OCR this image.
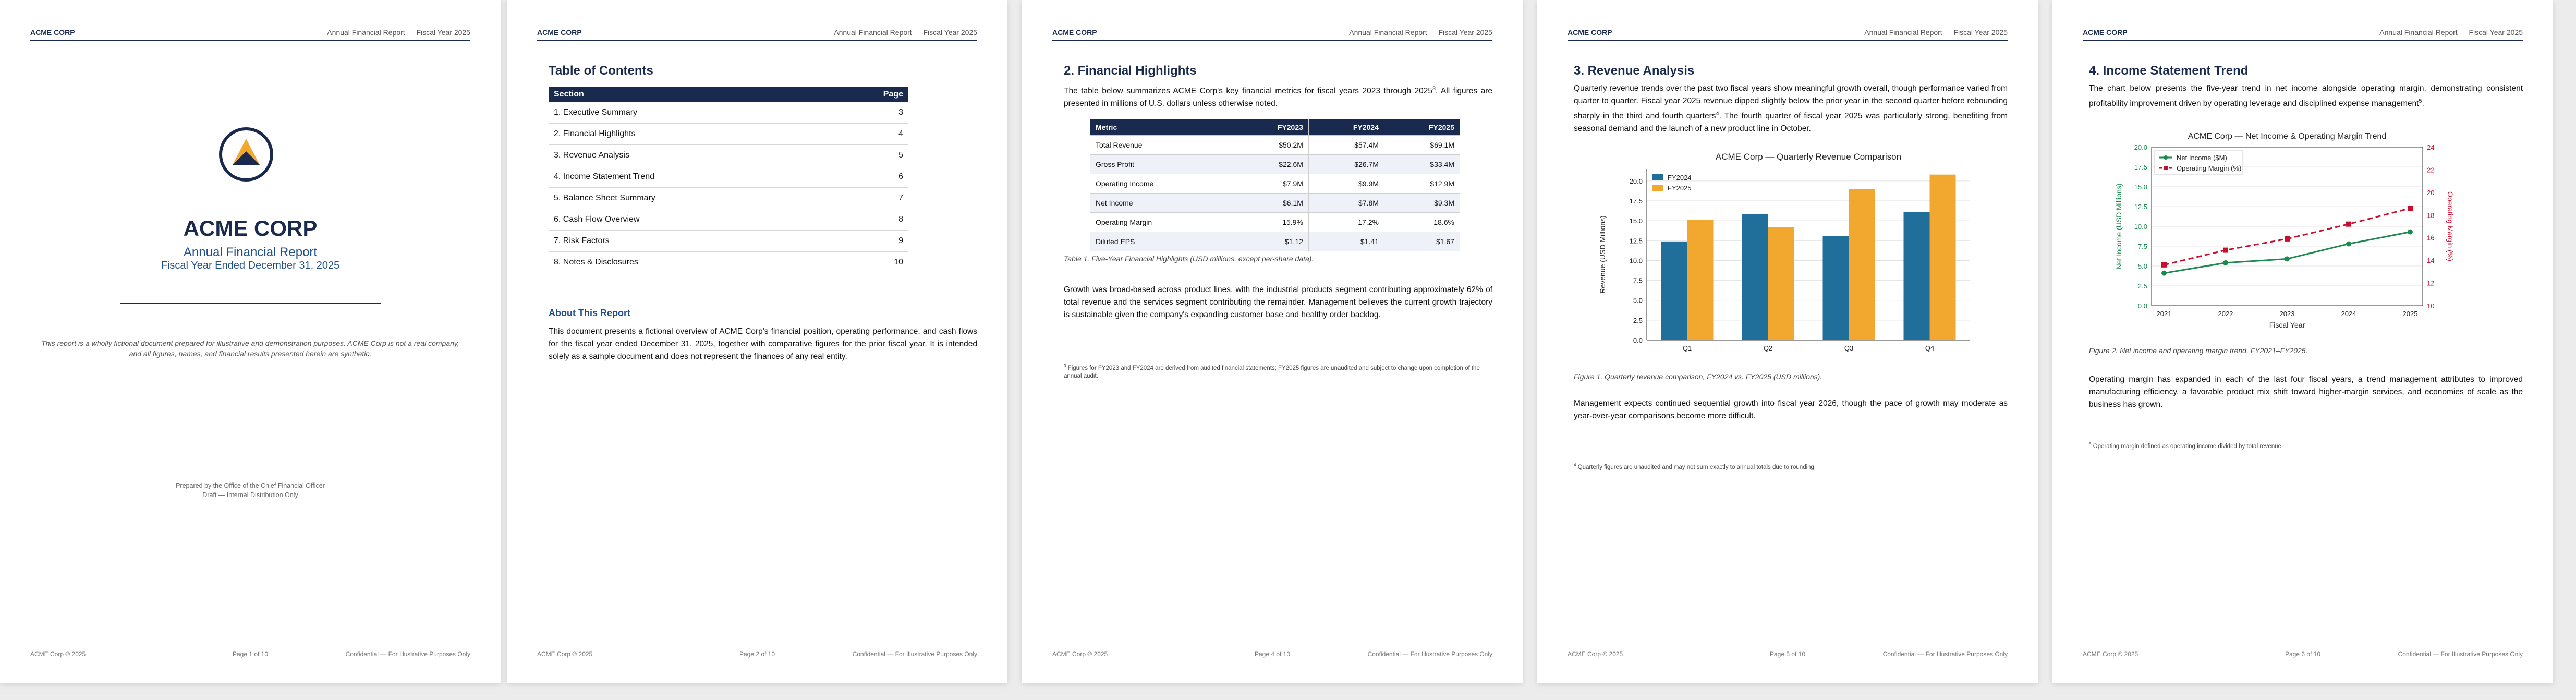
ACME CORP	Annual Financial Report — Fiscal Year 2025
ACME CORP
Annual Financial Report
Fiscal Year Ended December 31, 2025
This report is a wholly fictional document prepared for illustrative and demonstration purposes. ACME Corp is not a real company, and all figures, names, and financial results presented herein are synthetic.
Prepared by the Office of the Chief Financial Officer
Draft — Internal Distribution Only
ACME Corp © 2025	Page 1 of 10	Confidential — For Illustrative Purposes Only
ACME CORP	Annual Financial Report — Fiscal Year 2025
Table of Contents
Section	Page
1. Executive Summary	3
2. Financial Highlights	4
3. Revenue Analysis	5
4. Income Statement Trend	6
5. Balance Sheet Summary	7
6. Cash Flow Overview	8
7. Risk Factors	9
8. Notes & Disclosures	10
About This Report
This document presents a fictional overview of ACME Corp's financial position, operating performance, and cash flows for the fiscal year ended December 31, 2025, together with comparative figures for the prior fiscal year. It is intended solely as a sample document and does not represent the finances of any real entity.
ACME Corp © 2025	Page 2 of 10	Confidential — For Illustrative Purposes Only
ACME CORP	Annual Financial Report — Fiscal Year 2025
2. Financial Highlights
The table below summarizes ACME Corp's key financial metrics for fiscal years 2023 through 2025$^3$. All figures are presented in millions of U.S. dollars unless otherwise noted.
Metric	FY2023	FY2024	FY2025
Total Revenue	$50.2M	$57.4M	$69.1M
Gross Profit	$22.6M	$26.7M	$33.4M
Operating Income	$7.9M	$9.9M	$12.9M
Net Income	$6.1M	$7.8M	$9.3M
Operating Margin	15.9%	17.2%	18.6%
Diluted EPS	$1.12	$1.41	$1.67
Table 1. Five-Year Financial Highlights (USD millions, except per-share data).
Growth was broad-based across product lines, with the industrial products segment contributing approximately 62% of total revenue and the services segment contributing the remainder. Management believes the current growth trajectory is sustainable given the company's expanding customer base and healthy order backlog.
$^3$ Figures for FY2023 and FY2024 are derived from audited financial statements; FY2025 figures are unaudited and subject to change upon completion of the annual audit.
ACME Corp © 2025	Page 4 of 10	Confidential — For Illustrative Purposes Only
ACME CORP	Annual Financial Report — Fiscal Year 2025
3. Revenue Analysis
Quarterly revenue trends over the past two fiscal years show meaningful growth overall, though performance varied from quarter to quarter. Fiscal year 2025 revenue dipped slightly below the prior year in the second quarter before rebounding sharply in the third and fourth quarters$^4$. The fourth quarter of fiscal year 2025 was particularly strong, benefiting from seasonal demand and the launch of a new product line in October.
ACME Corp — Quarterly Revenue Comparison
0.0
2.5
5.0
7.5
10.0
12.5
15.0
17.5
20.0
Revenue (USD Millions)
Q1	Q2	Q3	Q4
FY2024
FY2025
Figure 1. Quarterly revenue comparison, FY2024 vs. FY2025 (USD millions).
Management expects continued sequential growth into fiscal year 2026, though the pace of growth may moderate as year-over-year comparisons become more difficult.
$^4$ Quarterly figures are unaudited and may not sum exactly to annual totals due to rounding.
ACME Corp © 2025	Page 5 of 10	Confidential — For Illustrative Purposes Only
ACME CORP	Annual Financial Report — Fiscal Year 2025
4. Income Statement Trend
The chart below presents the five-year trend in net income alongside operating margin, demonstrating consistent profitability improvement driven by operating leverage and disciplined expense management$^5$.
ACME Corp — Net Income & Operating Margin Trend
0.0
2.5
5.0
7.5
10.0
12.5
15.0
17.5
20.0
10
12
14
16
18
20
22
24
2021	2022	2023	2024	2025
Fiscal Year
Net Income (USD Millions)	Operating Margin (%)
Net Income ($M)
Operating Margin (%)
Figure 2. Net income and operating margin trend, FY2021–FY2025.
Operating margin has expanded in each of the last four fiscal years, a trend management attributes to improved manufacturing efficiency, a favorable product mix shift toward higher-margin services, and economies of scale as the business has grown.
$^5$ Operating margin defined as operating income divided by total revenue.
ACME Corp © 2025	Page 6 of 10	Confidential — For Illustrative Purposes Only
